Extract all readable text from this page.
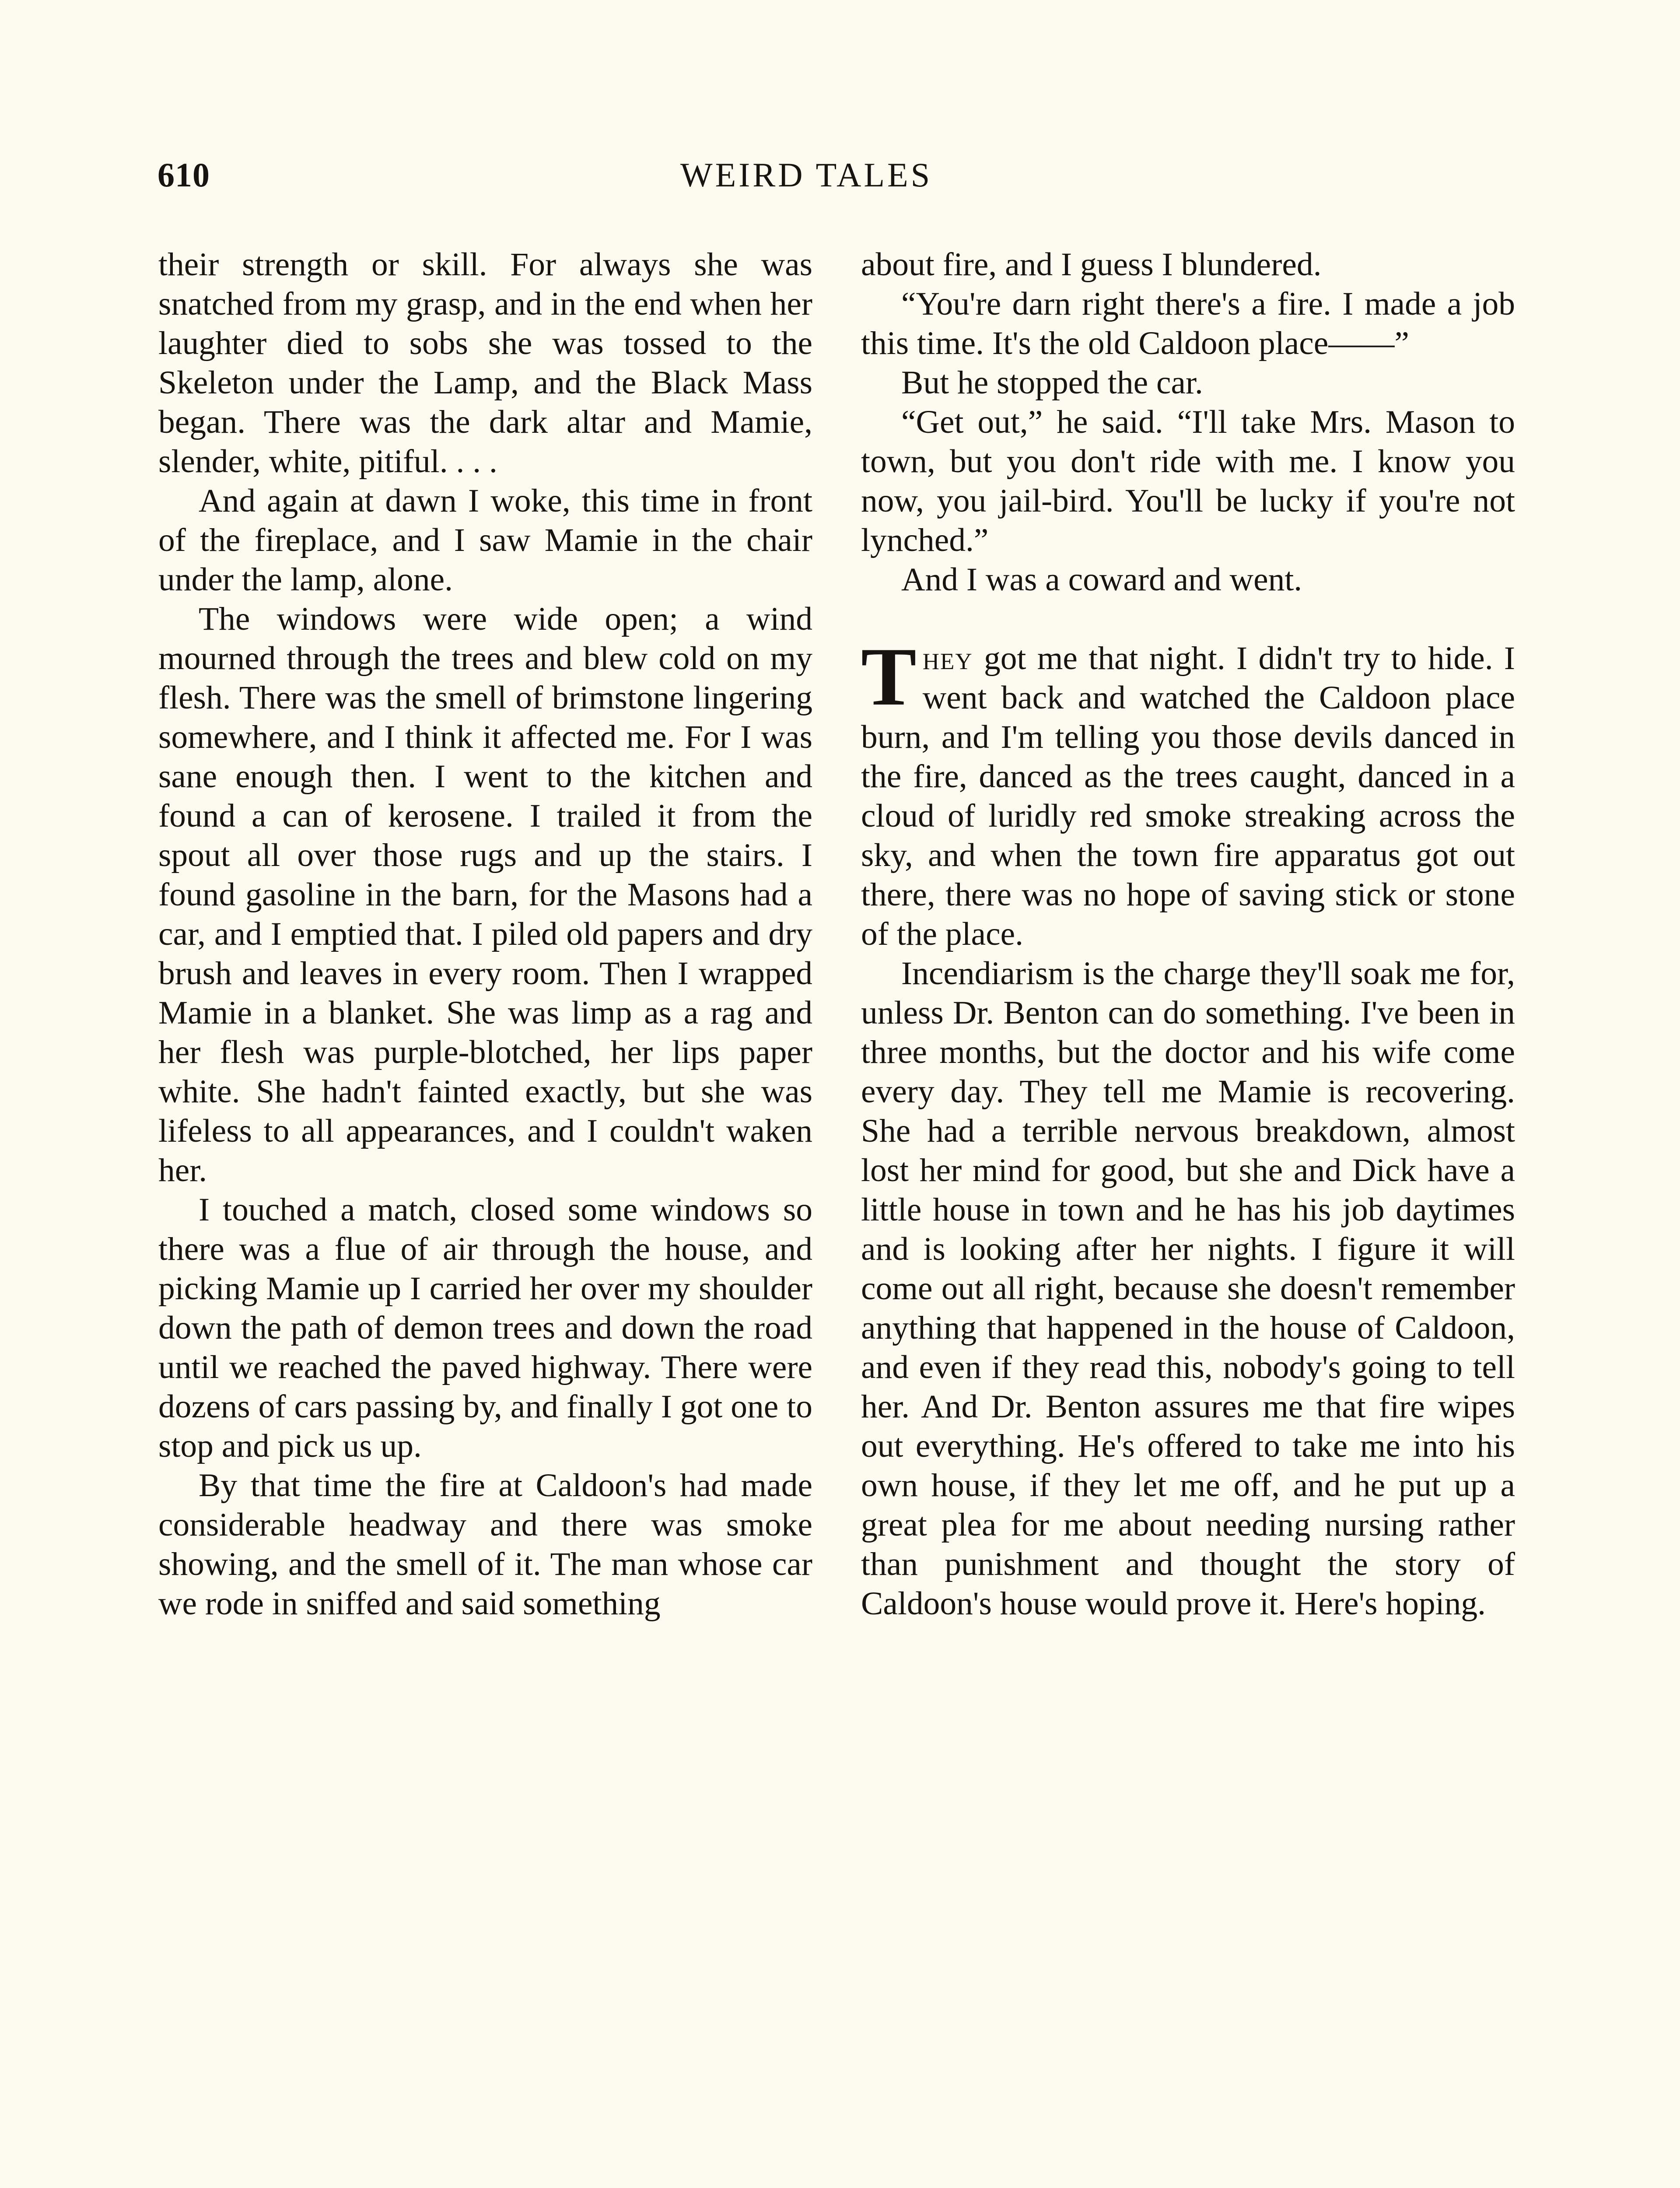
610	WEIRD TALES

their strength or skill. For always she was snatched from my grasp, and in the end when her laughter died to sobs she was tossed to the Skeleton under the Lamp, and the Black Mass began. There was the dark altar and Mamie, slender, white, pitiful. . . .

And again at dawn I woke, this time in front of the fireplace, and I saw Mamie in the chair under the lamp, alone.

The windows were wide open; a wind mourned through the trees and blew cold on my flesh. There was the smell of brimstone lingering somewhere, and I think it affected me. For I was sane enough then. I went to the kitchen and found a can of kerosene. I trailed it from the spout all over those rugs and up the stairs. I found gasoline in the barn, for the Masons had a car, and I emptied that. I piled old papers and dry brush and leaves in every room. Then I wrapped Mamie in a blanket. She was limp as a rag and her flesh was purple-blotched, her lips paper white. She hadn't fainted exactly, but she was lifeless to all appearances, and I couldn't waken her.

I touched a match, closed some windows so there was a flue of air through the house, and picking Mamie up I carried her over my shoulder down the path of demon trees and down the road until we reached the paved highway. There were dozens of cars passing by, and finally I got one to stop and pick us up.

By that time the fire at Caldoon's had made considerable headway and there was smoke showing, and the smell of it. The man whose car we rode in sniffed and said something

about fire, and I guess I blundered.

“You're darn right there's a fire. I made a job this time. It's the old Caldoon place——”

But he stopped the car.

“Get out,” he said. “I'll take Mrs. Mason to town, but you don't ride with me. I know you now, you jail-bird. You'll be lucky if you're not lynched.”

And I was a coward and went.

They got me that night. I didn't try to hide. I went back and watched the Caldoon place burn, and I'm telling you those devils danced in the fire, danced as the trees caught, danced in a cloud of luridly red smoke streaking across the sky, and when the town fire apparatus got out there, there was no hope of saving stick or stone of the place.

Incendiarism is the charge they'll soak me for, unless Dr. Benton can do something. I've been in three months, but the doctor and his wife come every day. They tell me Mamie is recovering. She had a terrible nervous breakdown, almost lost her mind for good, but she and Dick have a little house in town and he has his job daytimes and is looking after her nights. I figure it will come out all right, because she doesn't remember anything that happened in the house of Caldoon, and even if they read this, nobody's going to tell her. And Dr. Benton assures me that fire wipes out everything. He's offered to take me into his own house, if they let me off, and he put up a great plea for me about needing nursing rather than punishment and thought the story of Caldoon's house would prove it. Here's hoping.
